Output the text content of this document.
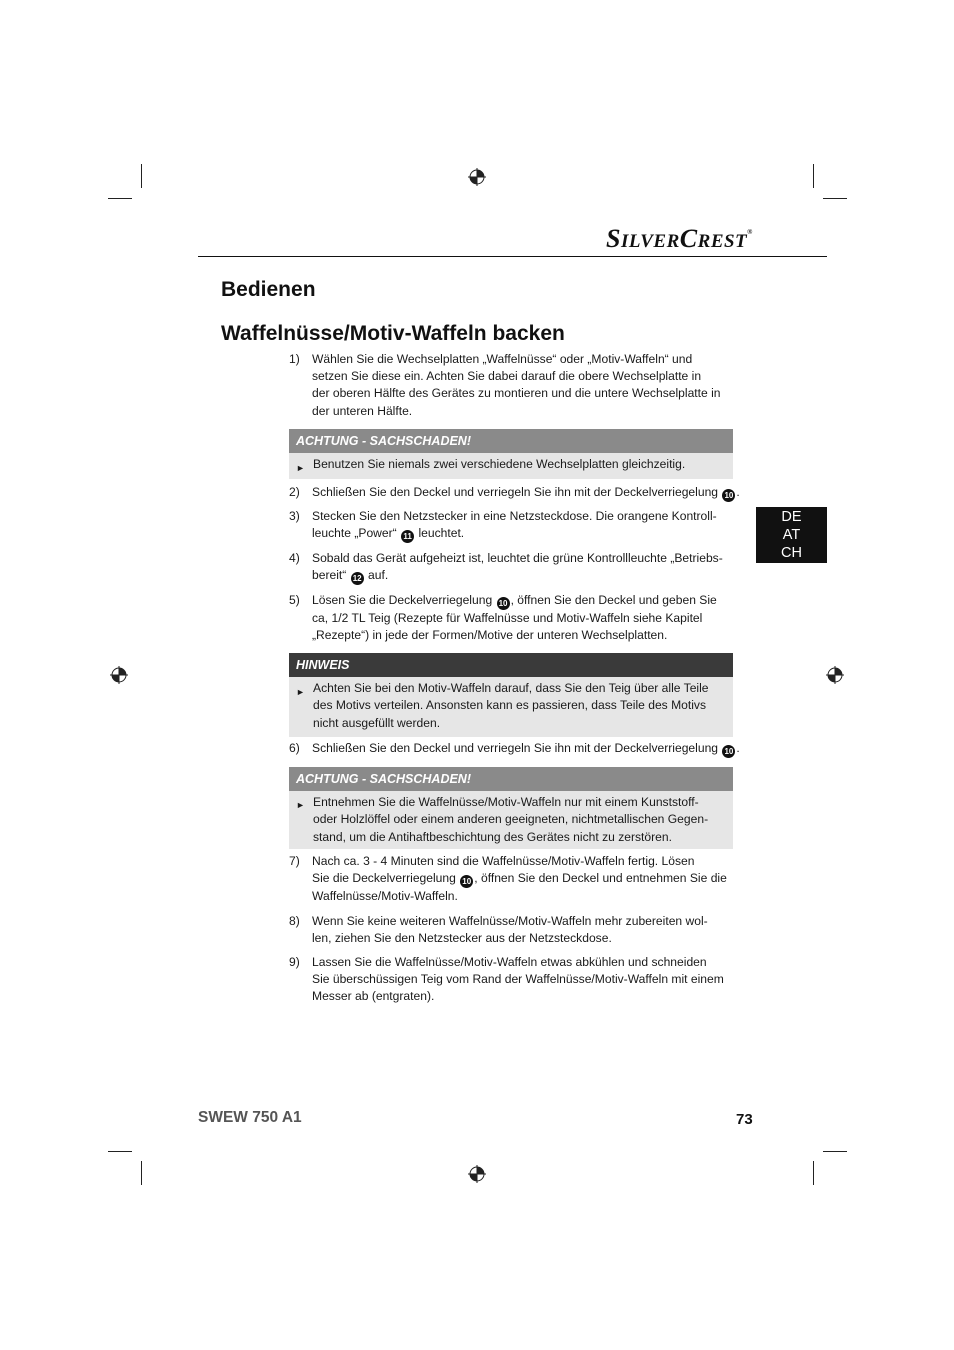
SILVERCREST®
Bedienen
Waffelnüsse/Motiv-Waffeln backen
DE
AT
CH
1)	Wählen Sie die Wechselplatten „Waffelnüsse“ oder „Motiv-Waffeln“ und

setzen Sie diese ein. Achten Sie dabei darauf die obere Wechselplatte in

der oberen Hälfte des Gerätes zu montieren und die untere Wechselplatte in

der unteren Hälfte.

ACHTUNG - SACHSCHADEN!
► Benutzen Sie niemals zwei verschiedene Wechselplatten gleichzeitig.

2)	Schließen Sie den Deckel und verriegeln Sie ihn mit der Deckelverriegelung 10 .

3)	Stecken Sie den Netzstecker in eine Netzsteckdose. Die orangene Kontroll-

leuchte „Power“ 11 leuchtet.

4)	Sobald das Gerät aufgeheizt ist, leuchtet die grüne Kontrollleuchte „Betriebs-

bereit“ 12 auf.

5)	Lösen Sie die Deckelverriegelung 10 , öffnen Sie den Deckel und geben Sie

ca, 1/2 TL Teig (Rezepte für Waffelnüsse und Motiv-Waffeln siehe Kapitel

„Rezepte“) in jede der Formen/Motive der unteren Wechselplatten.

HINWEIS
► Achten Sie bei den Motiv-Waffeln darauf, dass Sie den Teig über alle Teile

des Motivs verteilen. Ansonsten kann es passieren, dass Teile des Motivs

nicht ausgefüllt werden.

6)	Schließen Sie den Deckel und verriegeln Sie ihn mit der Deckelverriegelung 10 .

ACHTUNG - SACHSCHADEN!
► Entnehmen Sie die Waffelnüsse/Motiv-Waffeln nur mit einem Kunststoff-

oder Holzlöffel oder einem anderen geeigneten, nichtmetallischen Gegen-

stand, um die Antihaftbeschichtung des Gerätes nicht zu zerstören.

7)	Nach ca. 3 - 4 Minuten sind die Waffelnüsse/Motiv-Waffeln fertig. Lösen

Sie die Deckelverriegelung 10 , öffnen Sie den Deckel und entnehmen Sie die

Waffelnüsse/Motiv-Waffeln.

8)	Wenn Sie keine weiteren Waffelnüsse/Motiv-Waffeln mehr zubereiten wol-

len, ziehen Sie den Netzstecker aus der Netzsteckdose.

9)	Lassen Sie die Waffelnüsse/Motiv-Waffeln etwas abkühlen und schneiden

Sie überschüssigen Teig vom Rand der Waffelnüsse/Motiv-Waffeln mit einem

Messer ab (entgraten).

SWEW 750 A1	73
